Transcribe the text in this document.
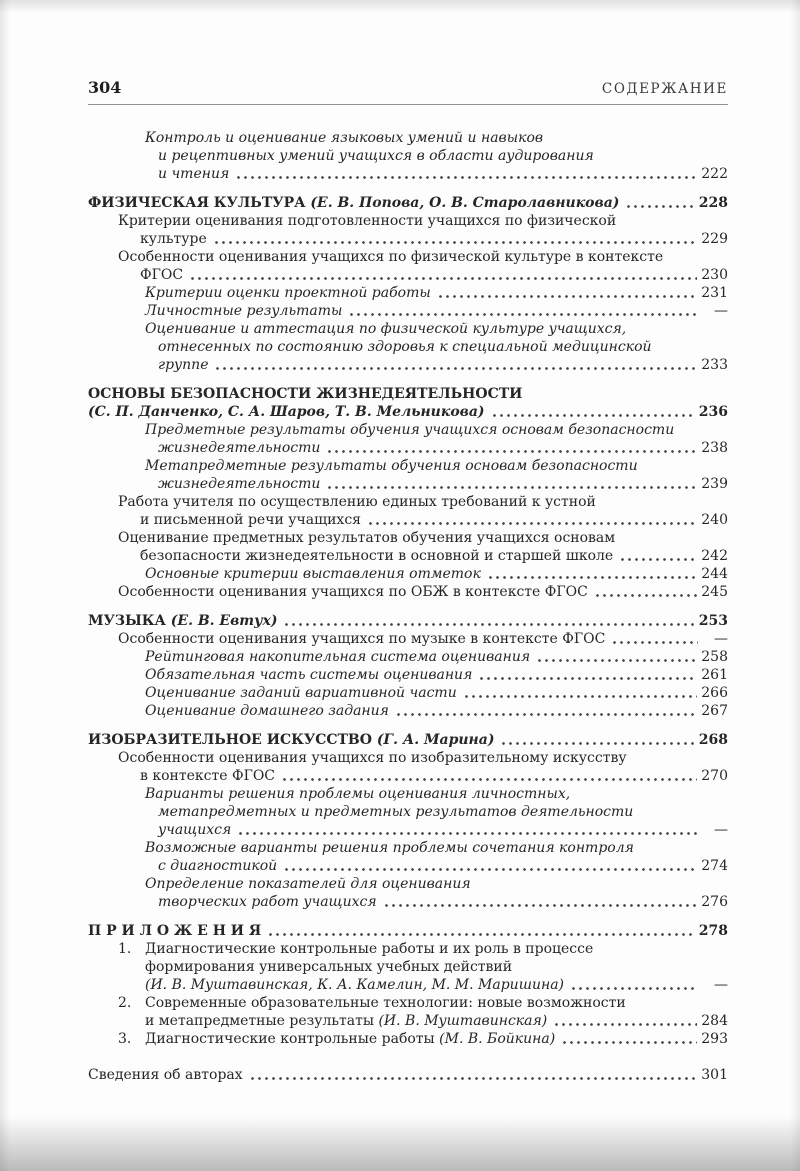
304	СОДЕРЖАНИЕ
Контроль и оценивание языковых умений и навыков
и рецептивных умений учащихся в области аудирования
и чтения	222
ФИЗИЧЕСКАЯ КУЛЬТУРА (Е. В. Попова, О. В. Старолавникова)	228
Критерии оценивания подготовленности учащихся по физической
культуре	229
Особенности оценивания учащихся по физической культуре в контексте
ФГОС	230
Критерии оценки проектной работы	231
Личностные результаты	—
Оценивание и аттестация по физической культуре учащихся,
отнесенных по состоянию здоровья к специальной медицинской
группе	233
ОСНОВЫ БЕЗОПАСНОСТИ ЖИЗНЕДЕЯТЕЛЬНОСТИ
(С. П. Данченко, С. А. Шаров, Т. В. Мельникова)	236
Предметные результаты обучения учащихся основам безопасности
жизнедеятельности	238
Метапредметные результаты обучения основам безопасности
жизнедеятельности	239
Работа учителя по осуществлению единых требований к устной
и письменной речи учащихся	240
Оценивание предметных результатов обучения учащихся основам
безопасности жизнедеятельности в основной и старшей школе	242
Основные критерии выставления отметок	244
Особенности оценивания учащихся по ОБЖ в контексте ФГОС	245
МУЗЫКА (Е. В. Евтух)	253
Особенности оценивания учащихся по музыке в контексте ФГОС	—
Рейтинговая накопительная система оценивания	258
Обязательная часть системы оценивания	261
Оценивание заданий вариативной части	266
Оценивание домашнего задания	267
ИЗОБРАЗИТЕЛЬНОЕ ИСКУССТВО (Г. А. Марина)	268
Особенности оценивания учащихся по изобразительному искусству
в контексте ФГОС	270
Варианты решения проблемы оценивания личностных,
метапредметных и предметных результатов деятельности
учащихся	—
Возможные варианты решения проблемы сочетания контроля
с диагностикой	274
Определение показателей для оценивания
творческих работ учащихся	276
П Р И Л О Ж Е Н И Я	278
1. Диагностические контрольные работы и их роль в процессе
формирования универсальных учебных действий
(И. В. Муштавинская, К. А. Камелин, М. М. Маришина)	—
2. Современные образовательные технологии: новые возможности
и метапредметные результаты (И. В. Муштавинская)	284
3. Диагностические контрольные работы (М. В. Бойкина)	293
Сведения об авторах	301
